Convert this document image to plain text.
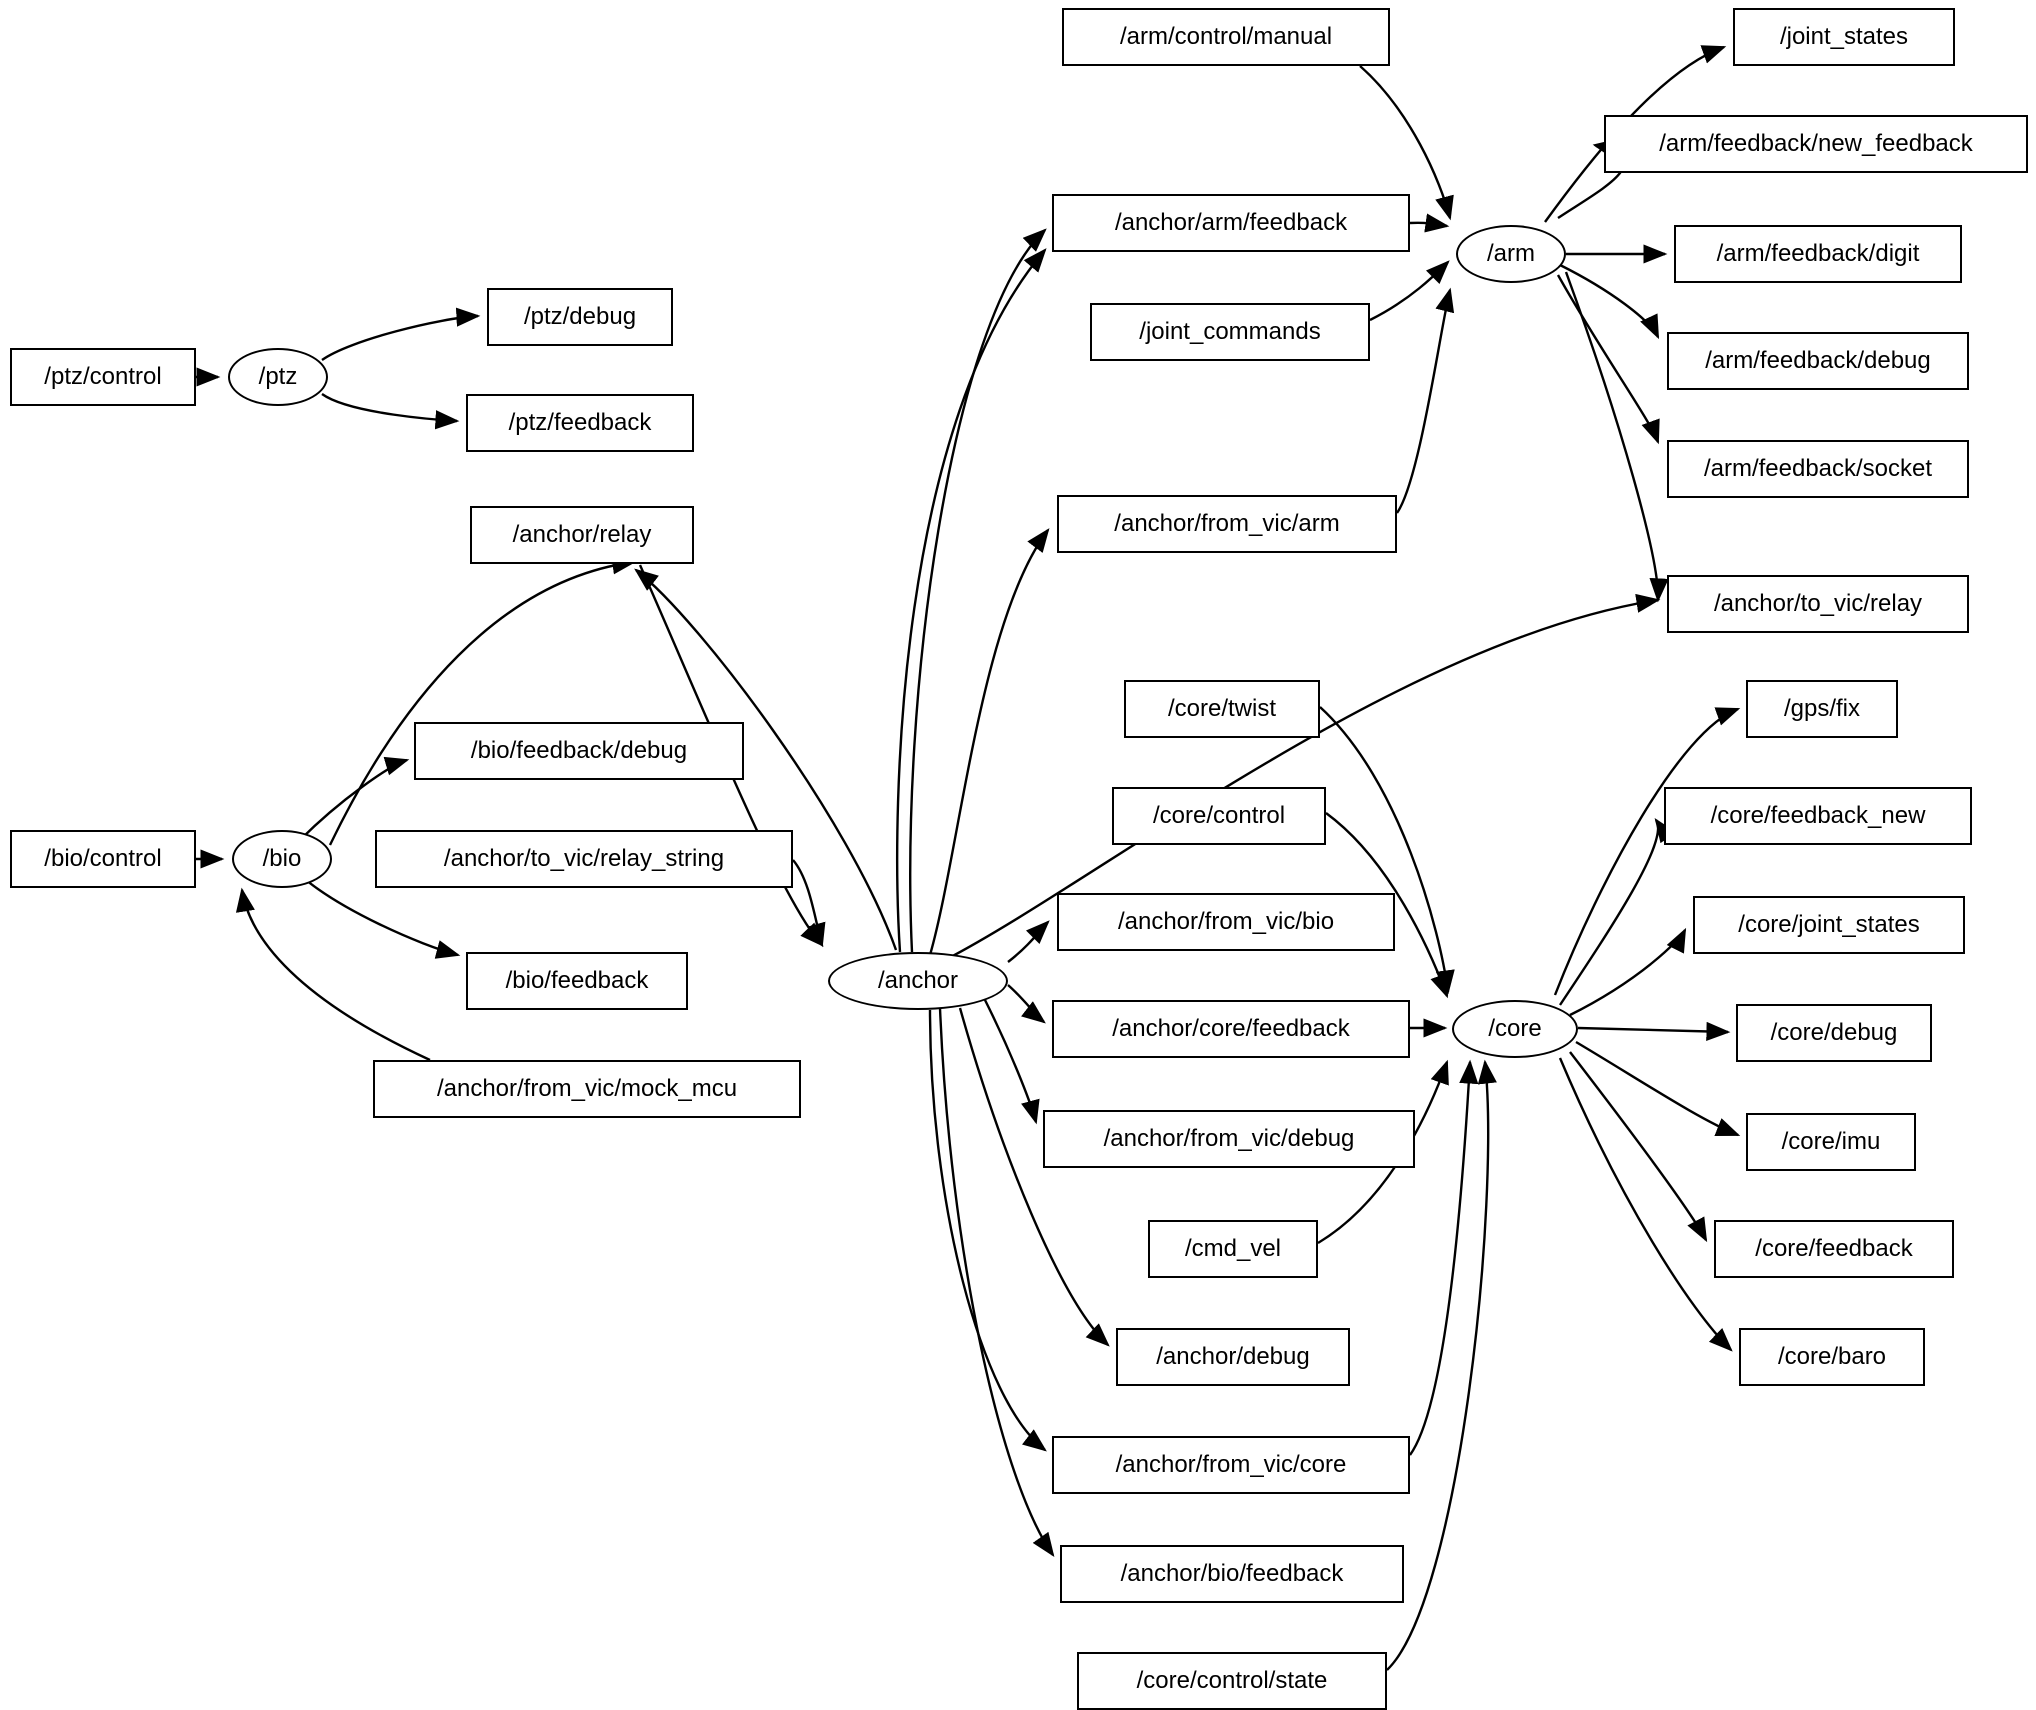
/ptz/control	/ptz
/ptz/debug
/ptz/feedback
/anchor/relay
/arm/control/manual
/anchor/arm/feedback
/joint_commands
/arm
/joint_states
/arm/feedback/new_feedback
/arm/feedback/digit
/arm/feedback/debug
/arm/feedback/socket
/anchor/from_vic/arm
/anchor/to_vic/relay
/core/twist	/gps/fix
/core/control	/core/feedback_new
/bio/feedback/debug
/anchor/to_vic/relay_string
/bio/control	/bio
/core/joint_states
/anchor/from_vic/bio
/anchor
/bio/feedback
/anchor/core/feedback	/core	/core/debug
/anchor/from_vic/mock_mcu
/core/imu
/anchor/from_vic/debug
/core/feedback
/cmd_vel
/core/baro
/anchor/debug
/anchor/from_vic/core
/anchor/bio/feedback
/core/control/state
